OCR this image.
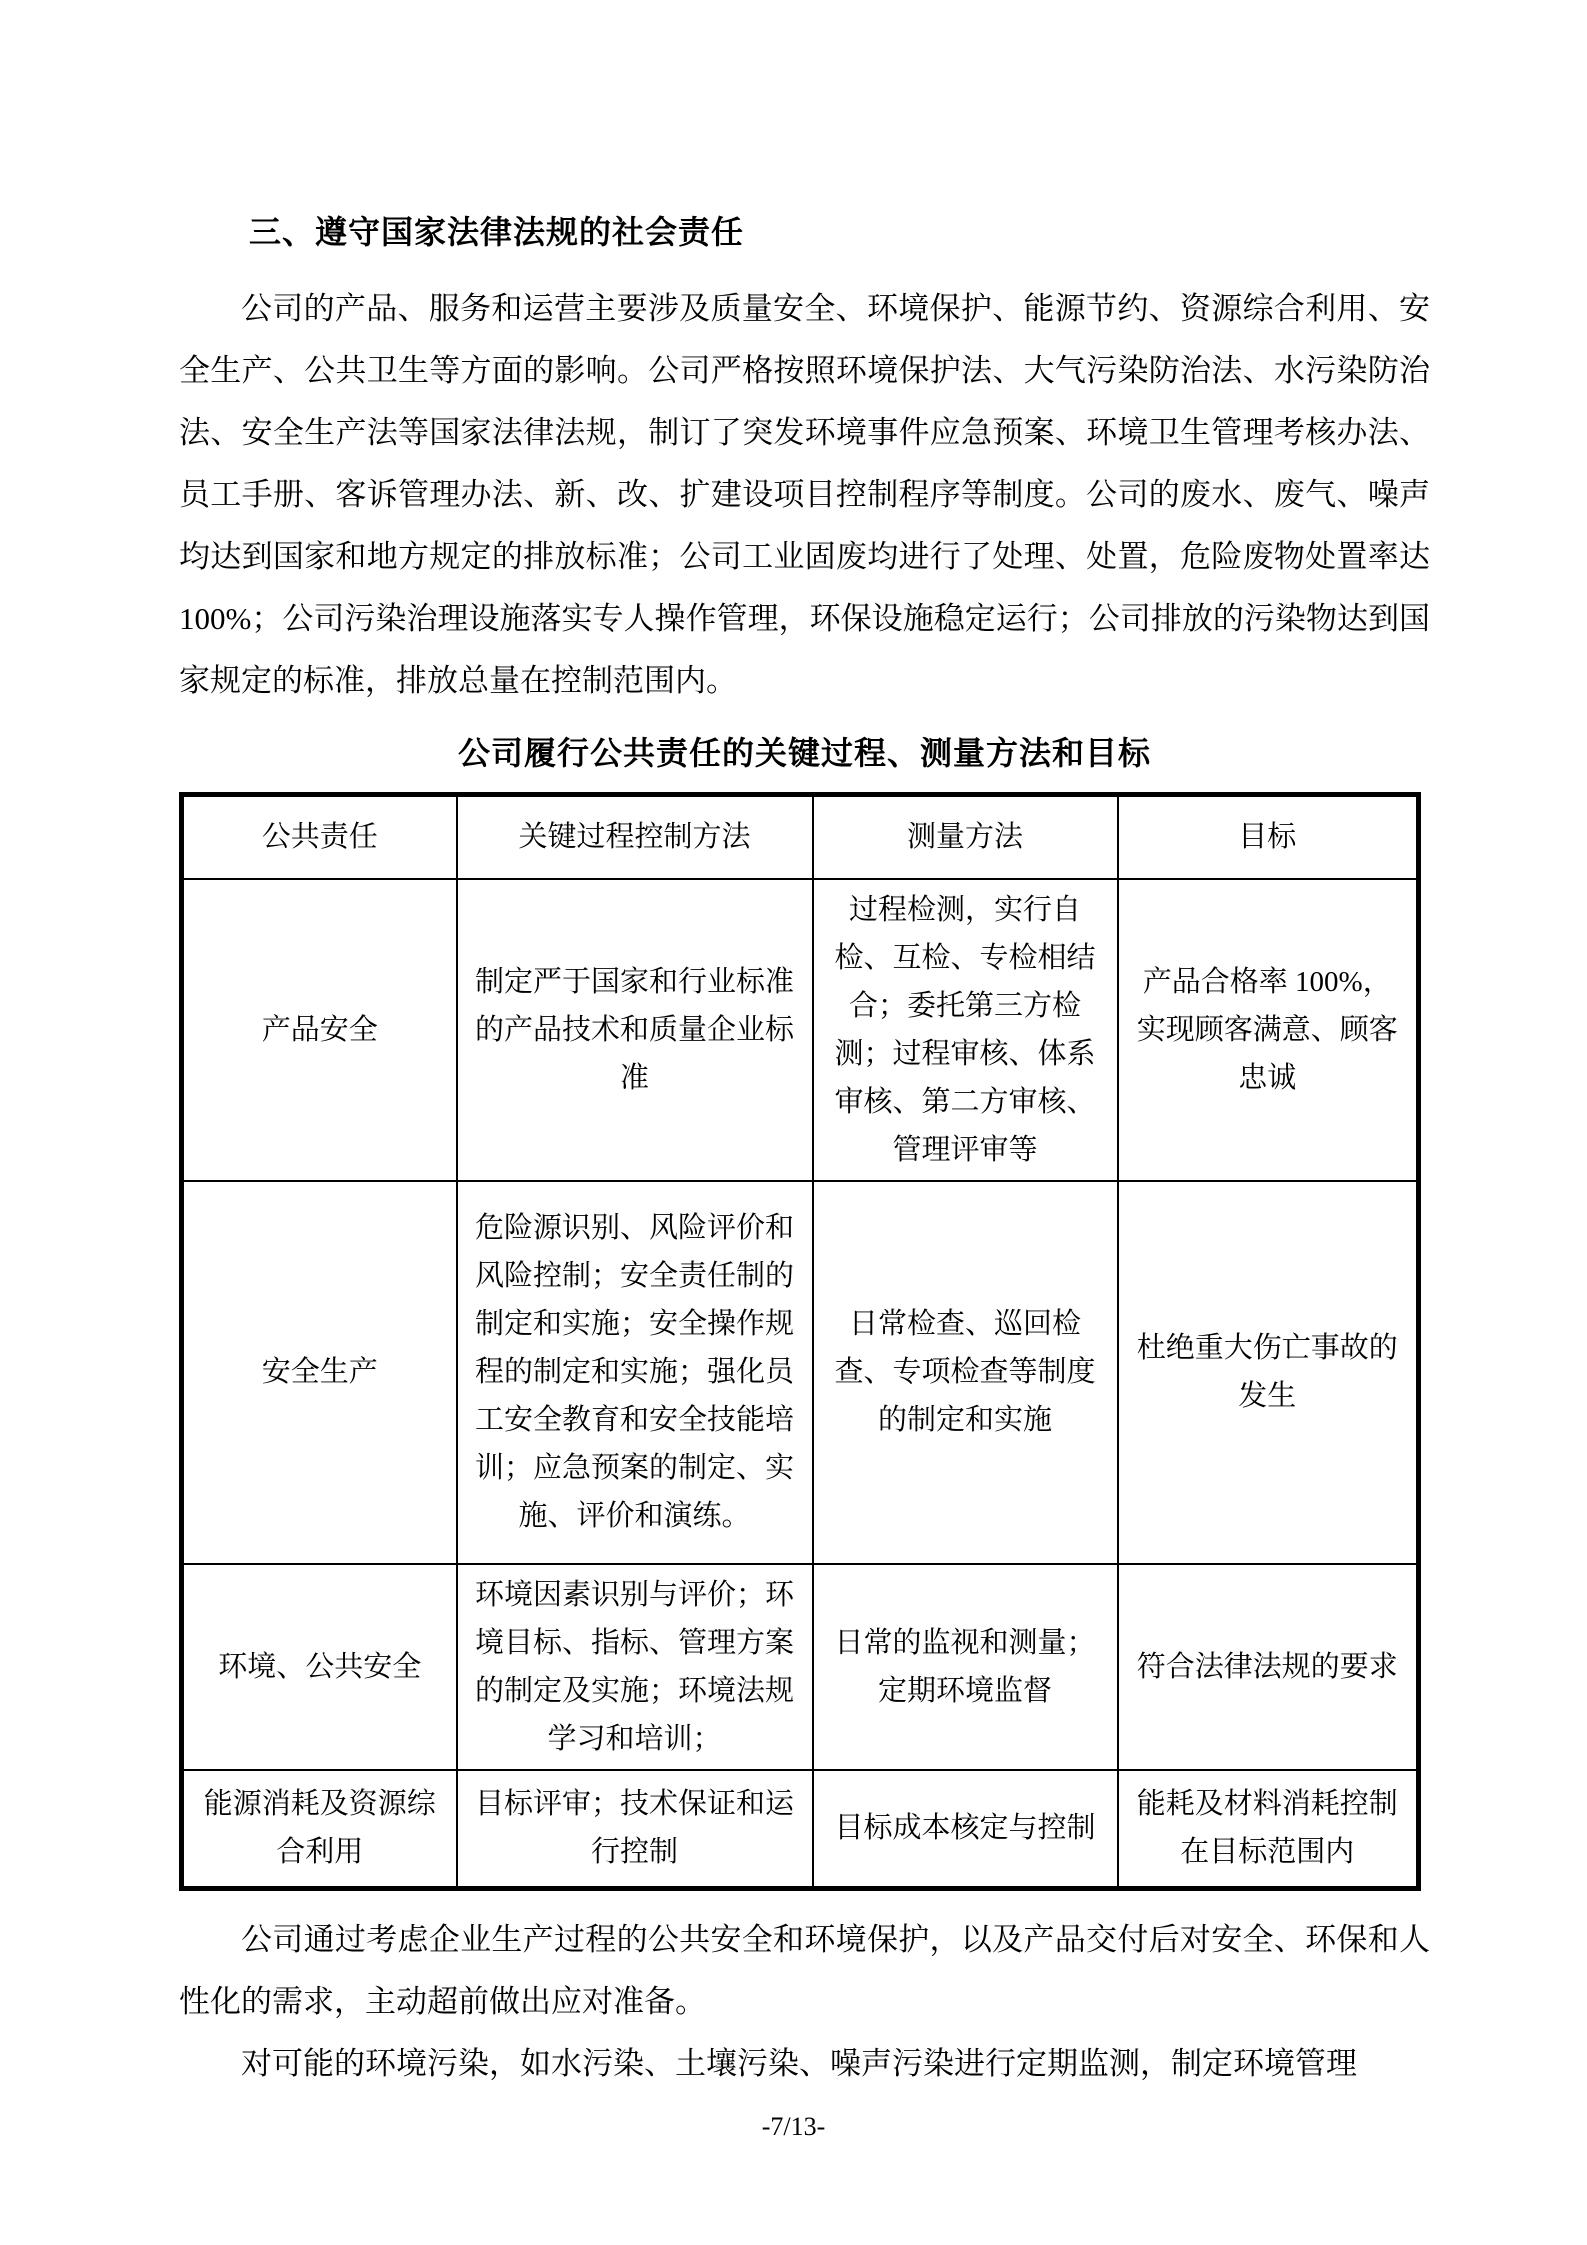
三、遵守国家法律法规的社会责任

公司的产品、服务和运营主要涉及质量安全、环境保护、能源节约、资源综合利用、安全生产、公共卫生等方面的影响。公司严格按照环境保护法、大气污染防治法、水污染防治法、安全生产法等国家法律法规，制订了突发环境事件应急预案、环境卫生管理考核办法、员工手册、客诉管理办法、新、改、扩建设项目控制程序等制度。公司的废水、废气、噪声均达到国家和地方规定的排放标准；公司工业固废均进行了处理、处置，危险废物处置率达100%；公司污染治理设施落实专人操作管理，环保设施稳定运行；公司排放的污染物达到国家规定的标准，排放总量在控制范围内。

公司履行公共责任的关键过程、测量方法和目标
公共责任	关键过程控制方法	测量方法	目标
产品安全	制定严于国家和行业标准的产品技术和质量企业标准	过程检测，实行自检、互检、专检相结合；委托第三方检测；过程审核、体系审核、第二方审核、管理评审等	产品合格率 100%，实现顾客满意、顾客忠诚
安全生产	危险源识别、风险评价和风险控制；安全责任制的制定和实施；安全操作规程的制定和实施；强化员工安全教育和安全技能培训；应急预案的制定、实施、评价和演练。	日常检查、巡回检查、专项检查等制度的制定和实施	杜绝重大伤亡事故的发生
环境、公共安全	环境因素识别与评价；环境目标、指标、管理方案的制定及实施；环境法规学习和培训；	日常的监视和测量；定期环境监督	符合法律法规的要求
能源消耗及资源综合利用	目标评审；技术保证和运行控制	目标成本核定与控制	能耗及材料消耗控制在目标范围内

公司通过考虑企业生产过程的公共安全和环境保护，以及产品交付后对安全、环保和人性化的需求，主动超前做出应对准备。

对可能的环境污染，如水污染、土壤污染、噪声污染进行定期监测，制定环境管理

-7/13-
